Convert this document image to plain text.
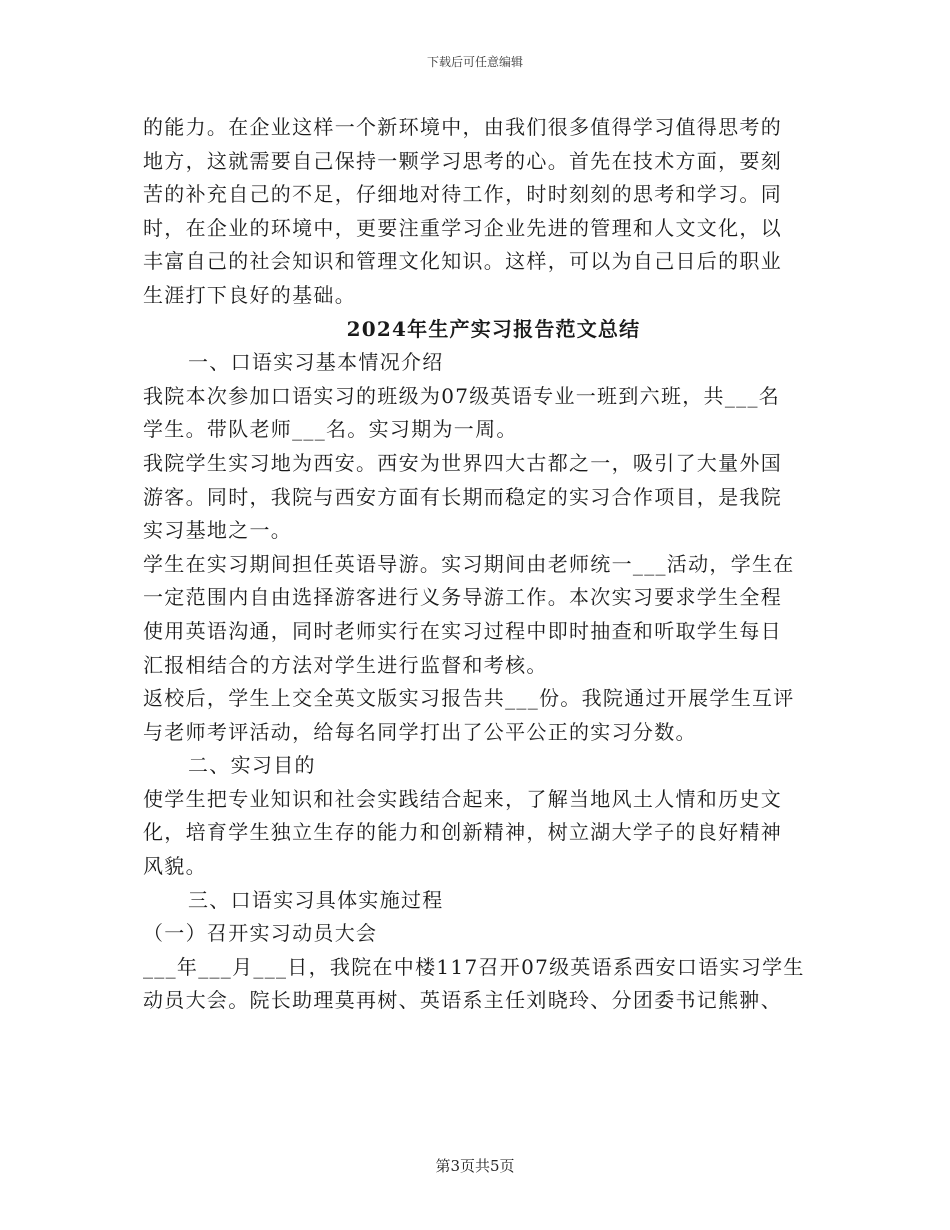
下载后可任意编辑
的能力。在企业这样一个新环境中，由我们很多值得学习值得思考的
地方，这就需要自己保持一颗学习思考的心。首先在技术方面，要刻
苦的补充自己的不足，仔细地对待工作，时时刻刻的思考和学习。同
时，在企业的环境中，更要注重学习企业先进的管理和人文文化，以
丰富自己的社会知识和管理文化知识。这样，可以为自己日后的职业
生涯打下良好的基础。
2024年生产实习报告范文总结
一、口语实习基本情况介绍
我院本次参加口语实习的班级为07级英语专业一班到六班，共___名
学生。带队老师___名。实习期为一周。
我院学生实习地为西安。西安为世界四大古都之一，吸引了大量外国
游客。同时，我院与西安方面有长期而稳定的实习合作项目，是我院
实习基地之一。
学生在实习期间担任英语导游。实习期间由老师统一___活动，学生在
一定范围内自由选择游客进行义务导游工作。本次实习要求学生全程
使用英语沟通，同时老师实行在实习过程中即时抽查和听取学生每日
汇报相结合的方法对学生进行监督和考核。
返校后，学生上交全英文版实习报告共___份。我院通过开展学生互评
与老师考评活动，给每名同学打出了公平公正的实习分数。
二、实习目的
使学生把专业知识和社会实践结合起来，了解当地风土人情和历史文
化，培育学生独立生存的能力和创新精神，树立湖大学子的良好精神
风貌。
三、口语实习具体实施过程
（一）召开实习动员大会
___年___月___日，我院在中楼117召开07级英语系西安口语实习学生
动员大会。院长助理莫再树、英语系主任刘晓玲、分团委书记熊翀、
第3页共5页
